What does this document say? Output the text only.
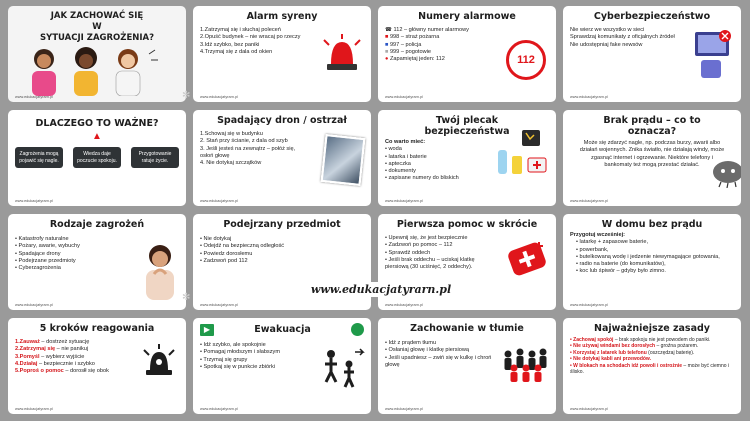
JAK ZACHOWAĆ SIĘ
W
SYTUACJI ZAGROŻENIA?
www.edukacjatyrarn.pl
Alarm syreny
1.Zatrzymaj się i słuchaj poleceń
2.Opuść budynek – nie wracaj po rzeczy
3.Idź szybko, bez paniki
4.Trzymaj się z dala od okien
www.edukacjatyrarn.pl
Numery alarmowe
☎ 112 – główny numer alarmowy
■ 998 – straż pożarna
■ 997 – policja
■ 999 – pogotowie
● Zapamiętaj jeden: 112	112
www.edukacjatyrarn.pl
Cyberbezpieczeństwo
Nie wierz we wszystko w sieci
Sprawdzaj komunikaty z oficjalnych źródeł
Nie udostępniaj fake newsów
www.edukacjatyrarn.pl
DLACZEGO TO WAŻNE?
▲
Zagrożenia mogą pojawić się nagle.
Wiedza daje poczucie spokoju.
Przygotowanie ratuje życie.
www.edukacjatyrarn.pl
Spadający dron / ostrzał
1.Schowaj się w budynku
2. Stań przy ścianie, z dala od szyb
3. Jeśli jesteś na zewnątrz – połóż się, osłoń głowę
4. Nie dotykaj szczątków
www.edukacjatyrarn.pl
Twój plecak
bezpieczeństwa
Co warto mieć:
• woda
• latarka i baterie
• apteczka
• dokumenty
• zapisane numery do bliskich
www.edukacjatyrarn.pl
Brak prądu – co to
oznacza?
Może się zdarzyć nagle, np. podczas burzy, awarii albo działań wojennych. Znika światło, nie działają windy, może zgasnąć internet i ogrzewanie. Niektóre telefony i bankomaty też mogą przestać działać.
www.edukacjatyrarn.pl
Rodzaje zagrożeń
• Katastrofy naturalne
• Pożary, awarie, wybuchy
• Spadające drony
• Podejrzane przedmioty
• Cyberzagrożenia
www.edukacjatyrarn.pl
Podejrzany przedmiot
• Nie dotykaj
• Odejdź na bezpieczną odległość
• Powiedz dorosłemu
• Zadzwoń pod 112
www.edukacjatyrarn.pl
Pierwsza pomoc w skrócie
• Upewnij się, że jest bezpiecznie
• Zadzwoń po pomoc – 112
• Sprawdź oddech
• Jeśli brak oddechu – uciskaj klatkę piersiową (30 uciśnięć, 2 oddechy).
www.edukacjatyrarn.pl
W domu bez prądu
Przygotuj wcześniej:
• latarkę + zapasowe baterie,
• powerbank,
• butelkowaną wodę i jedzenie niewymagające gotowania,
• radio na baterie (do komunikatów),
• koc lub śpiwór – gdyby było zimno.
www.edukacjatyrarn.pl
5 kroków reagowania
1.Zauważ – dostrzeż sytuację
2.Zatrzymaj się – nie panikuj
3.Pomyśl – wybierz wyjście
4.Działaj – bezpiecznie i szybko
5.Poproś o pomoc – dorosłł się obok
www.edukacjatyrarn.pl
▶	Ewakuacja
• Idź szybko, ale spokojnie
• Pomagaj młodszym i słabszym
• Trzymaj się grupy
• Spotkaj się w punkcie zbiórki
www.edukacjatyrarn.pl
Zachowanie w tłumie
• Idź z prądem tłumu
• Osłaniaj głowę i klatkę piersiową
• Jeśli upadniesz – zwiń się w kulkę i chroń głowę
www.edukacjatyrarn.pl
Najważniejsze zasady
• Zachowaj spokój – brak spokoju nie jest powodem do paniki.
• Nie używaj windami bez dorosłych – groźna pożarem.
• Korzystaj z latarek lub telefonu (oszczędzaj baterię).
• Nie dotykaj kabli ani przewodów.
• W blokach na schodach idź powoli i ostrożnie – może być ciemno i ślisko.
www.edukacjatyrarn.pl
✻
✻
www.edukacjatyrarn.pl
